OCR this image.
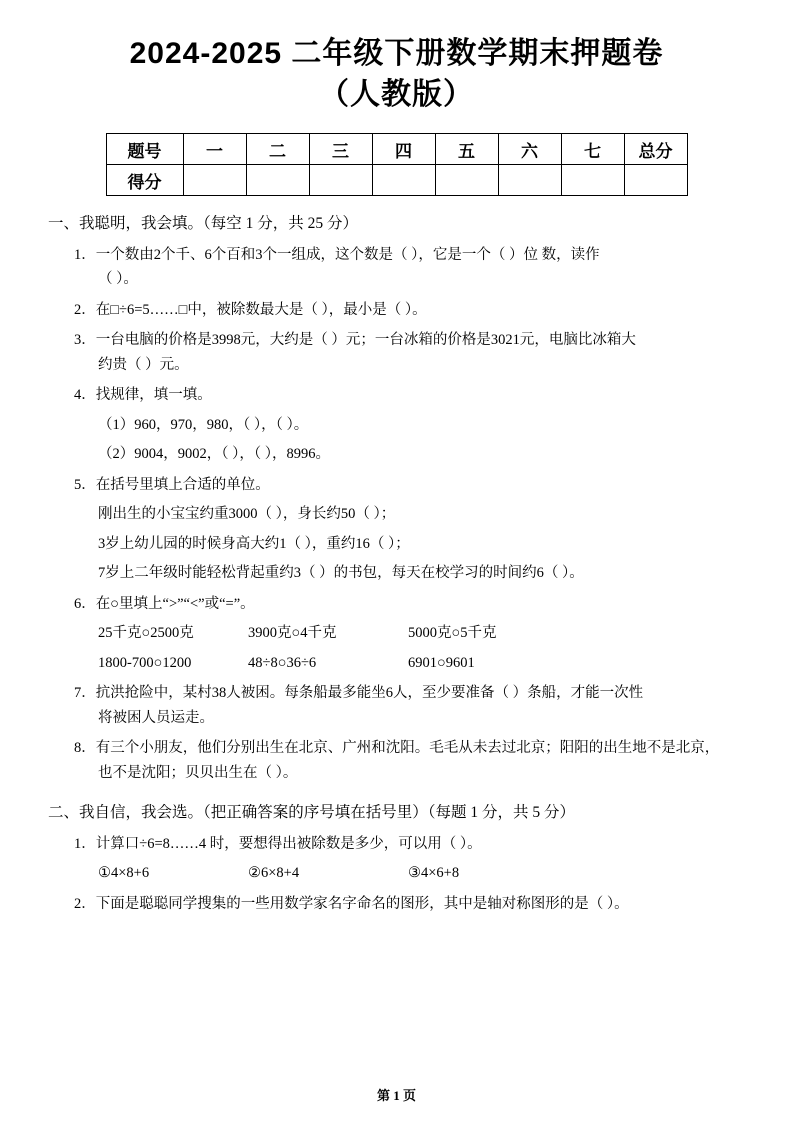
2024-2025 二年级下册数学期末押题卷
（人教版）
题号	一	二	三	四	五	六	七	总分
得分								
一、我聪明，我会填。（每空 1 分，共 25 分）
1．一个数由2个千、6个百和3个一组成，这个数是（ ），它是一个（ ）位 数，读作
（ ）。
2．在□÷6=5……□中，被除数最大是（ ），最小是（ ）。
3．一台电脑的价格是3998元，大约是（ ）元；一台冰箱的价格是3021元，电脑比冰箱大
约贵（ ）元。
4．找规律，填一填。
（1）960，970，980，（ ），（ ）。
（2）9004，9002，（ ），（ ），8996。
5．在括号里填上合适的单位。
刚出生的小宝宝约重3000（ ），身长约50（ ）；
3岁上幼儿园的时候身高大约1（ ），重约16（ ）；
7岁上二年级时能轻松背起重约3（ ）的书包，每天在校学习的时间约6（ ）。
6．在○里填上“>”“<”或“=”。
25千克○2500克	3900克○4千克	5000克○5千克
1800-700○1200	48÷8○36÷6	6901○9601
7．抗洪抢险中，某村38人被困。每条船最多能坐6人，至少要准备（ ）条船，才能一次性
将被困人员运走。
8．有三个小朋友，他们分别出生在北京、广州和沈阳。毛毛从未去过北京；阳阳的出生地不是北京，
也不是沈阳；贝贝出生在（ ）。
二、我自信，我会选。（把正确答案的序号填在括号里）（每题 1 分，共 5 分）
1．计算口÷6=8……4 时，要想得出被除数是多少，可以用（ ）。
①4×8+6	②6×8+4	③4×6+8
2．下面是聪聪同学搜集的一些用数学家名字命名的图形，其中是轴对称图形的是（ ）。
第 1 页
